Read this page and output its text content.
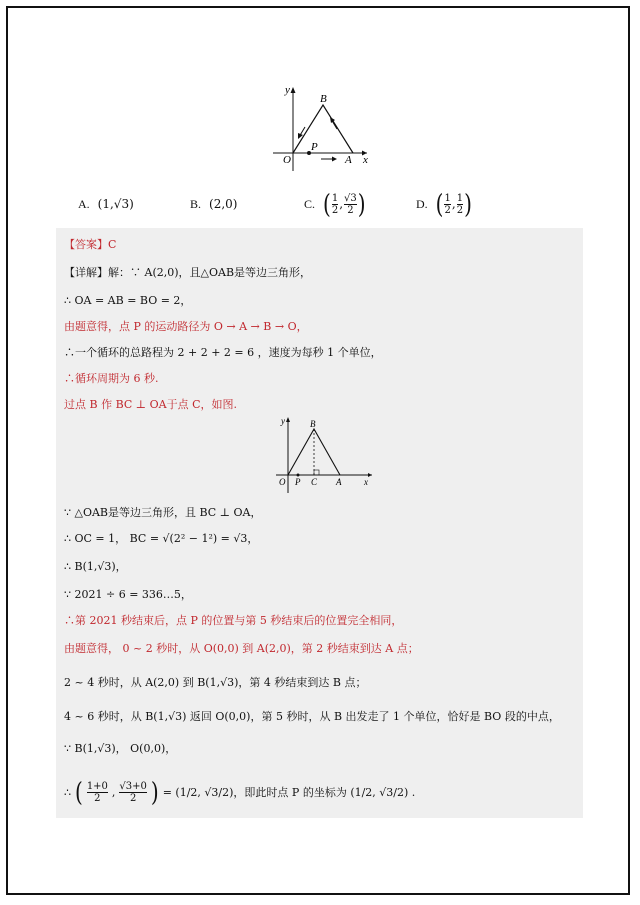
y
x
B
O
P
A
A. (1,√3)	B. (2,0)	C. ( $\frac{1}{2}$ , $\frac{√3}{2}$ )	D. ( $\frac{1}{2}$ , $\frac{1}{2}$ )
【答案】C
【详解】解：∵ A(2,0)，且△OAB是等边三角形，
∴ OA = AB = BO = 2，
由题意得，点 P 的运动路径为 O → A → B → O，
∴一个循环的总路程为 2 + 2 + 2 = 6 ，速度为每秒 1 个单位，
∴循环周期为 6 秒.
过点 B 作 BC ⊥ OA于点 C，如图.
y
x
B
O P C A
∵ △OAB是等边三角形，且 BC ⊥ OA，
∴ OC = 1， BC = √(2² − 1²) = √3，
∴ B(1,√3)，
∵ 2021 ÷ 6 = 336…5，
∴第 2021 秒结束后，点 P 的位置与第 5 秒结束后的位置完全相同，
由题意得， 0 ~ 2 秒时，从 O(0,0) 到 A(2,0)，第 2 秒结束到达 A 点；
2 ~ 4 秒时，从 A(2,0) 到 B(1,√3)，第 4 秒结束到达 B 点；
4 ~ 6 秒时，从 B(1,√3) 返回 O(0,0)，第 5 秒时，从 B 出发走了 1 个单位，恰好是 BO 段的中点，
∵ B(1,√3)， O(0,0)，
∴ ( $\frac{1+0}{2}$ , $\frac{√3+0}{2}$ ) = (1/2, √3/2)，即此时点 P 的坐标为 (1/2, √3/2) .
